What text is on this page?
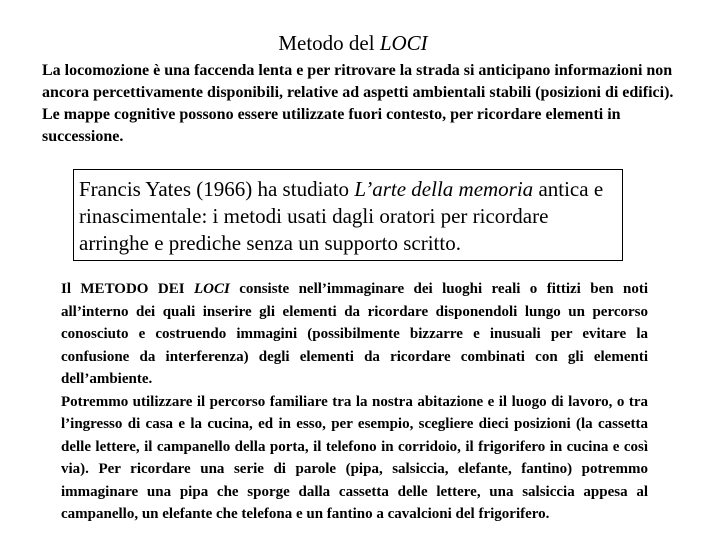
Metodo del LOCI
La locomozione è una faccenda lenta e per ritrovare la strada si anticipano informazioni non ancora percettivamente disponibili, relative ad aspetti ambientali stabili (posizioni di edifici). Le mappe cognitive possono essere utilizzate fuori contesto, per ricordare elementi in successione.
Francis Yates (1966) ha studiato L’arte della memoria antica e rinascimentale: i metodi usati dagli oratori per ricordare arringhe e prediche senza un supporto scritto.
Il METODO DEI LOCI consiste nell’immaginare dei luoghi reali o fittizi ben noti all’interno dei quali inserire gli elementi da ricordare disponendoli lungo un percorso conosciuto e costruendo immagini (possibilmente bizzarre e inusuali per evitare la confusione da interferenza) degli elementi da ricordare combinati con gli elementi dell’ambiente.
Potremmo utilizzare il percorso familiare tra la nostra abitazione e il luogo di lavoro, o tra l’ingresso di casa e la cucina, ed in esso, per esempio, scegliere dieci posizioni (la cassetta delle lettere, il campanello della porta, il telefono in corridoio, il frigorifero in cucina e così via). Per ricordare una serie di parole (pipa, salsiccia, elefante, fantino) potremmo immaginare una pipa che sporge dalla cassetta delle lettere, una salsiccia appesa al campanello, un elefante che telefona e un fantino a cavalcioni del frigorifero.
